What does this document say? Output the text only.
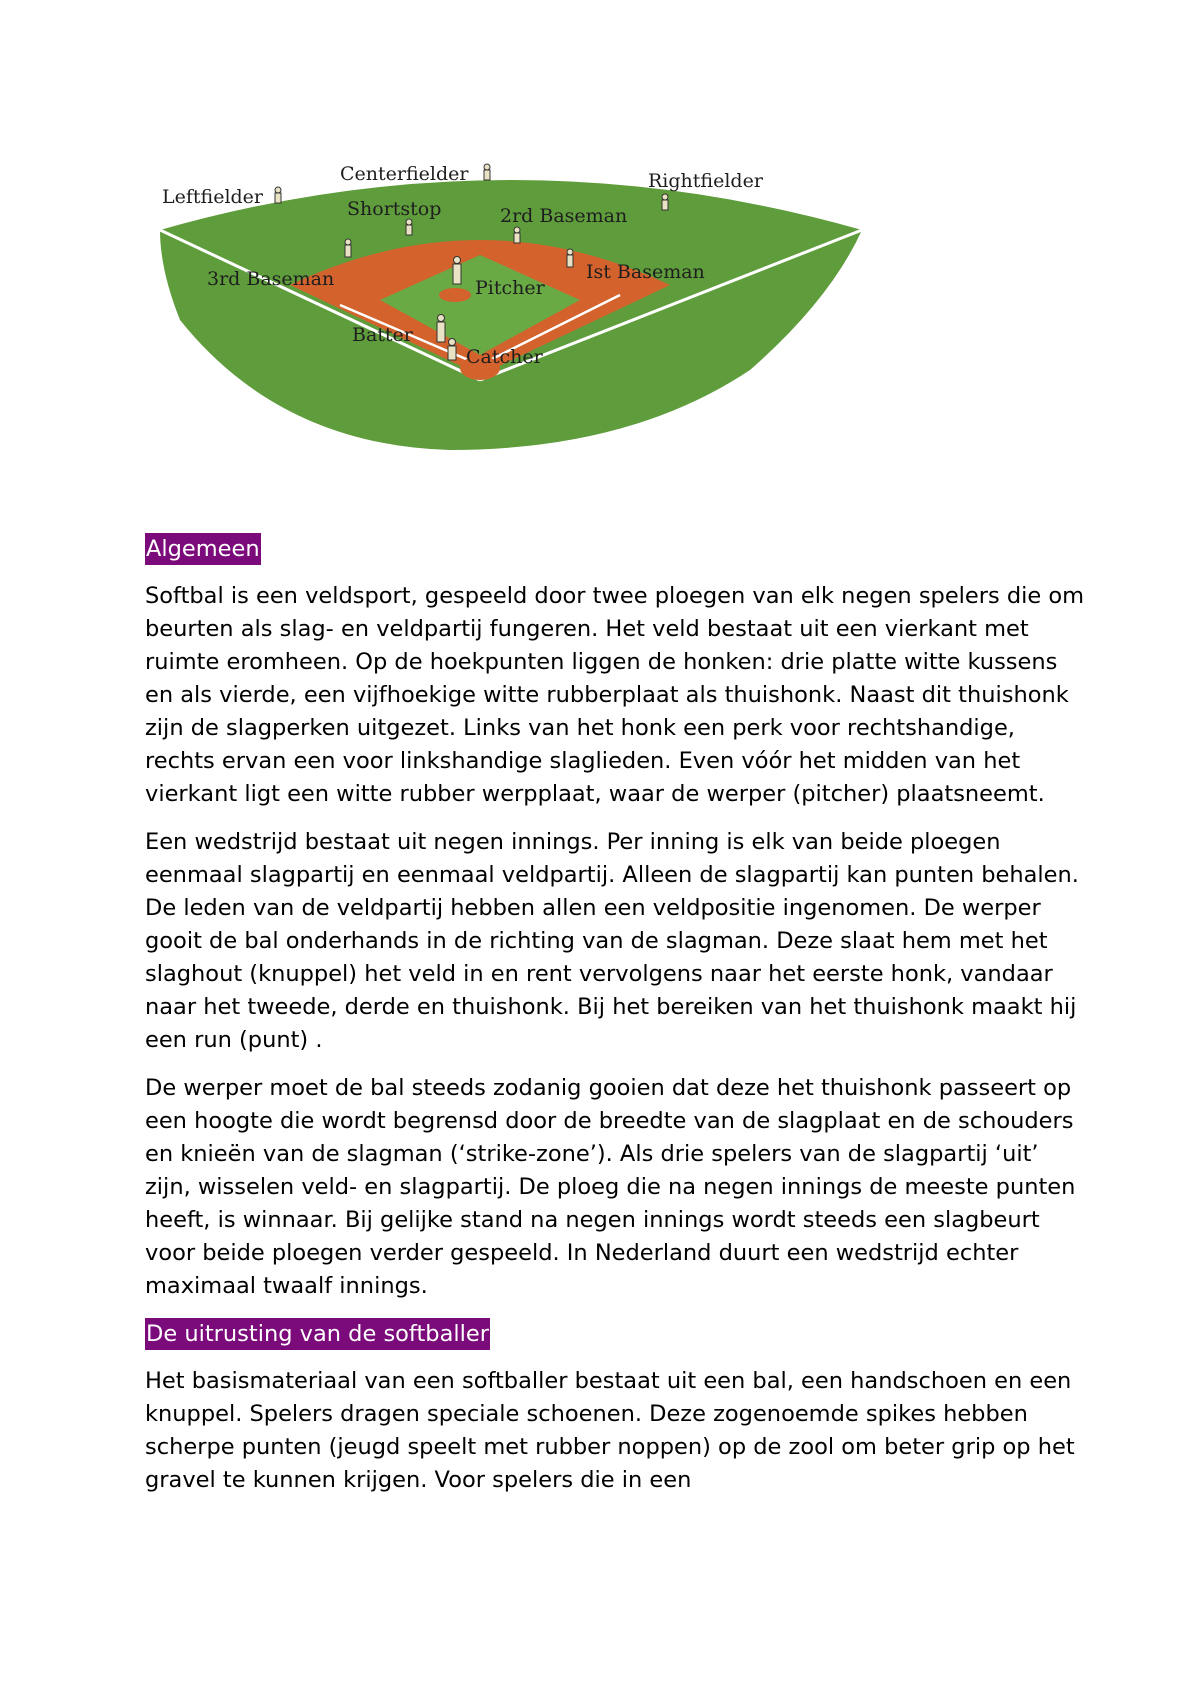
Centerfielder
Leftfielder
Rightfielder
Shortstop	2rd Baseman
3rd Baseman	Ist Baseman
Pitcher
Batter
Catcher
Algemeen

Softbal is een veldsport, gespeeld door twee ploegen van elk negen spelers die om beurten als slag- en veldpartij fungeren. Het veld bestaat uit een vierkant met ruimte eromheen. Op de hoekpunten liggen de honken: drie platte witte kussens en als vierde, een vijfhoekige witte rubberplaat als thuishonk. Naast dit thuishonk zijn de slagperken uitgezet. Links van het honk een perk voor rechtshandige, rechts ervan een voor linkshandige slaglieden. Even vóór het midden van het vierkant ligt een witte rubber werpplaat, waar de werper (pitcher) plaatsneemt.

Een wedstrijd bestaat uit negen innings. Per inning is elk van beide ploegen eenmaal slagpartij en eenmaal veldpartij. Alleen de slagpartij kan punten behalen. De leden van de veldpartij hebben allen een veldpositie ingenomen. De werper gooit de bal onderhands in de richting van de slagman. Deze slaat hem met het slaghout (knuppel) het veld in en rent vervolgens naar het eerste honk, vandaar naar het tweede, derde en thuishonk. Bij het bereiken van het thuishonk maakt hij een run (punt) .

De werper moet de bal steeds zodanig gooien dat deze het thuishonk passeert op een hoogte die wordt begrensd door de breedte van de slagplaat en de schouders en knieën van de slagman (‘strike-zone’). Als drie spelers van de slagpartij ‘uit’ zijn, wisselen veld- en slagpartij. De ploeg die na negen innings de meeste punten heeft, is winnaar. Bij gelijke stand na negen innings wordt steeds een slagbeurt voor beide ploegen verder gespeeld. In Nederland duurt een wedstrijd echter maximaal twaalf innings.

De uitrusting van de softballer

Het basismateriaal van een softballer bestaat uit een bal, een handschoen en een knuppel. Spelers dragen speciale schoenen. Deze zogenoemde spikes hebben scherpe punten (jeugd speelt met rubber noppen) op de zool om beter grip op het gravel te kunnen krijgen. Voor spelers die in een
